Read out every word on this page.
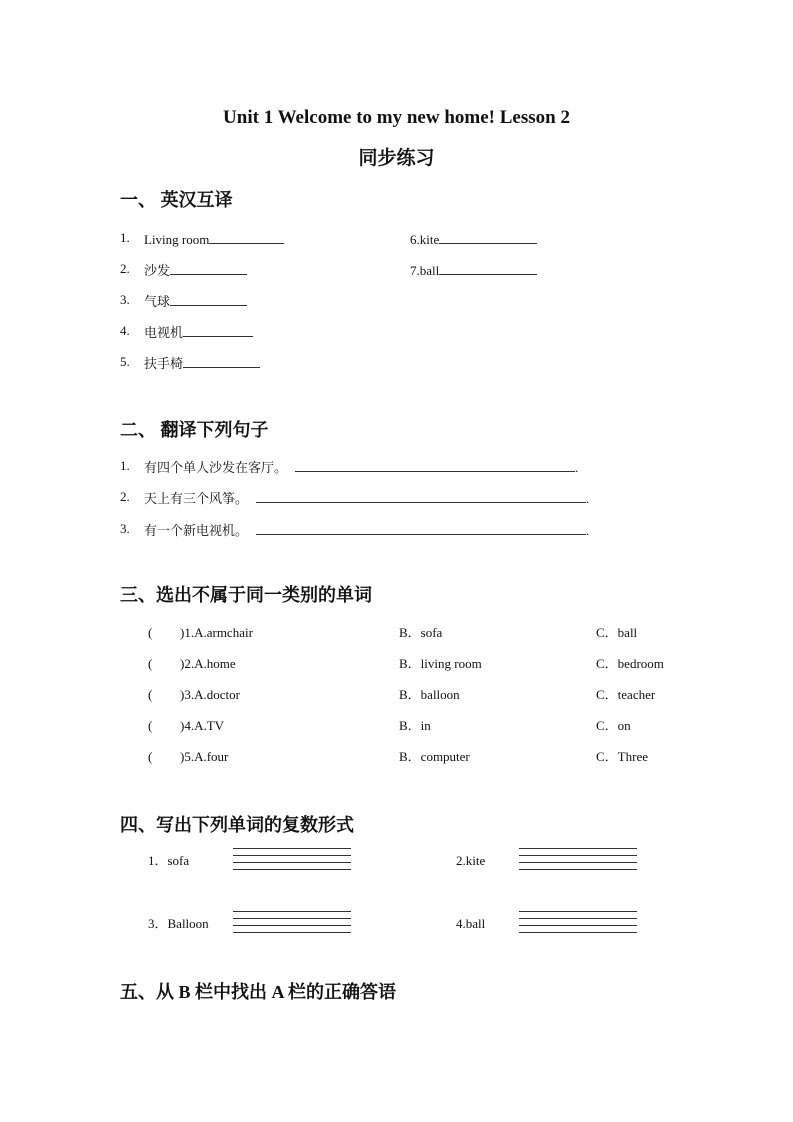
Unit 1 Welcome to my new home! Lesson 2
同步练习
一、 英汉互译
1. Living room
2. 沙发
3. 气球
4. 电视机
5. 扶手椅
6.kite
7.ball
二、 翻译下列句子
1. 有四个单人沙发在客厅。	.
2. 天上有三个风筝。	.
3. 有一个新电视机。	.
三、选出不属于同一类别的单词
( )1.A.armchair	B．sofa	C．ball
( )2.A.home	B．living room	C．bedroom
( )3.A.doctor	B．balloon	C．teacher
( )4.A.TV	B．in	C．on
( )5.A.four	B．computer	C．Three
四、写出下列单词的复数形式
1．sofa	2.kite
3．Balloon	4.ball
五、从 B 栏中找出 A 栏的正确答语
